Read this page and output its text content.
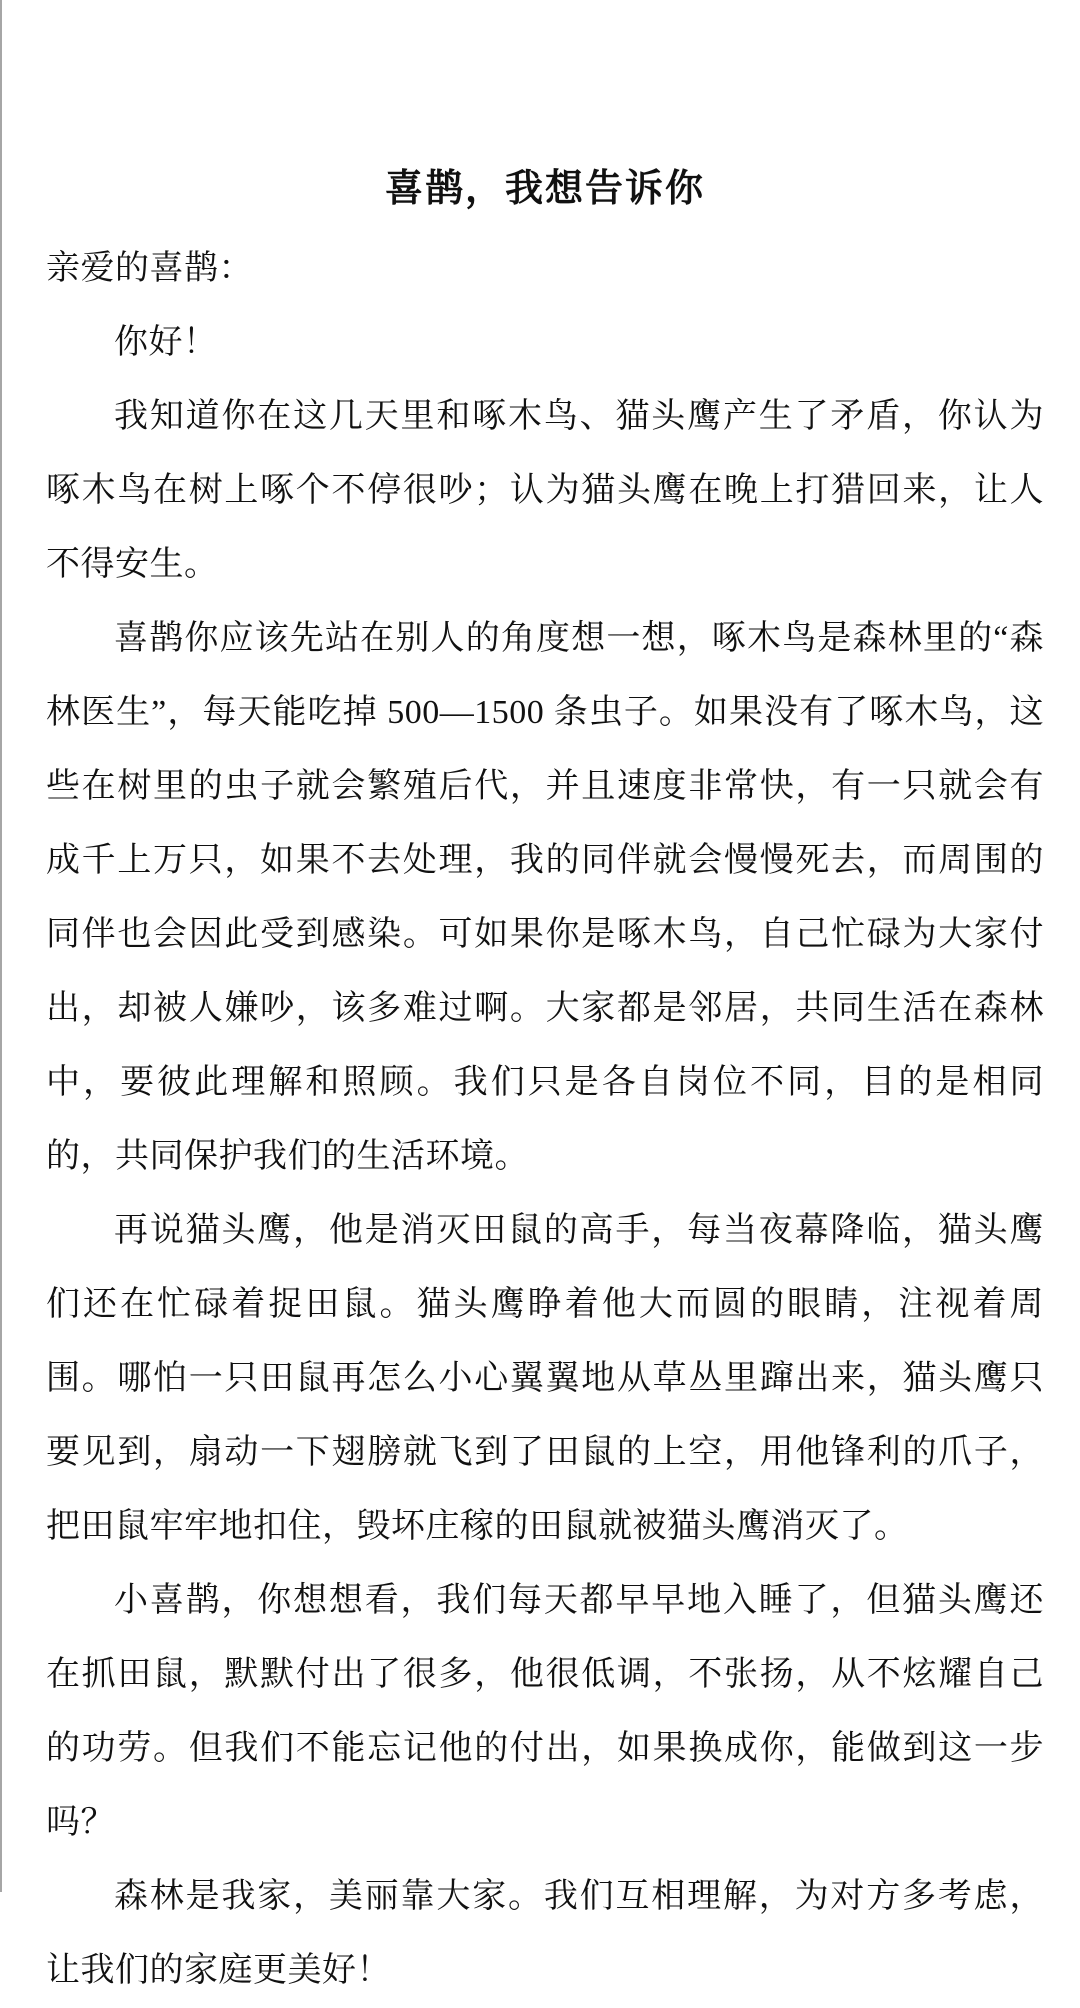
喜鹊，我想告诉你

亲爱的喜鹊：

你好！

我知道你在这几天里和啄木鸟、猫头鹰产生了矛盾，你认为啄木鸟在树上啄个不停很吵；认为猫头鹰在晚上打猎回来，让人不得安生。

喜鹊你应该先站在别人的角度想一想，啄木鸟是森林里的“森林医生”，每天能吃掉 500—1500 条虫子。如果没有了啄木鸟，这些在树里的虫子就会繁殖后代，并且速度非常快，有一只就会有成千上万只，如果不去处理，我的同伴就会慢慢死去，而周围的同伴也会因此受到感染。可如果你是啄木鸟，自己忙碌为大家付出，却被人嫌吵，该多难过啊。大家都是邻居，共同生活在森林中，要彼此理解和照顾。我们只是各自岗位不同，目的是相同的，共同保护我们的生活环境。

再说猫头鹰，他是消灭田鼠的高手，每当夜幕降临，猫头鹰们还在忙碌着捉田鼠。猫头鹰睁着他大而圆的眼睛，注视着周围。哪怕一只田鼠再怎么小心翼翼地从草丛里蹿出来，猫头鹰只要见到，扇动一下翅膀就飞到了田鼠的上空，用他锋利的爪子，把田鼠牢牢地扣住，毁坏庄稼的田鼠就被猫头鹰消灭了。

小喜鹊，你想想看，我们每天都早早地入睡了，但猫头鹰还在抓田鼠，默默付出了很多，他很低调，不张扬，从不炫耀自己的功劳。但我们不能忘记他的付出，如果换成你，能做到这一步吗？

森林是我家，美丽靠大家。我们互相理解，为对方多考虑，让我们的家庭更美好！
